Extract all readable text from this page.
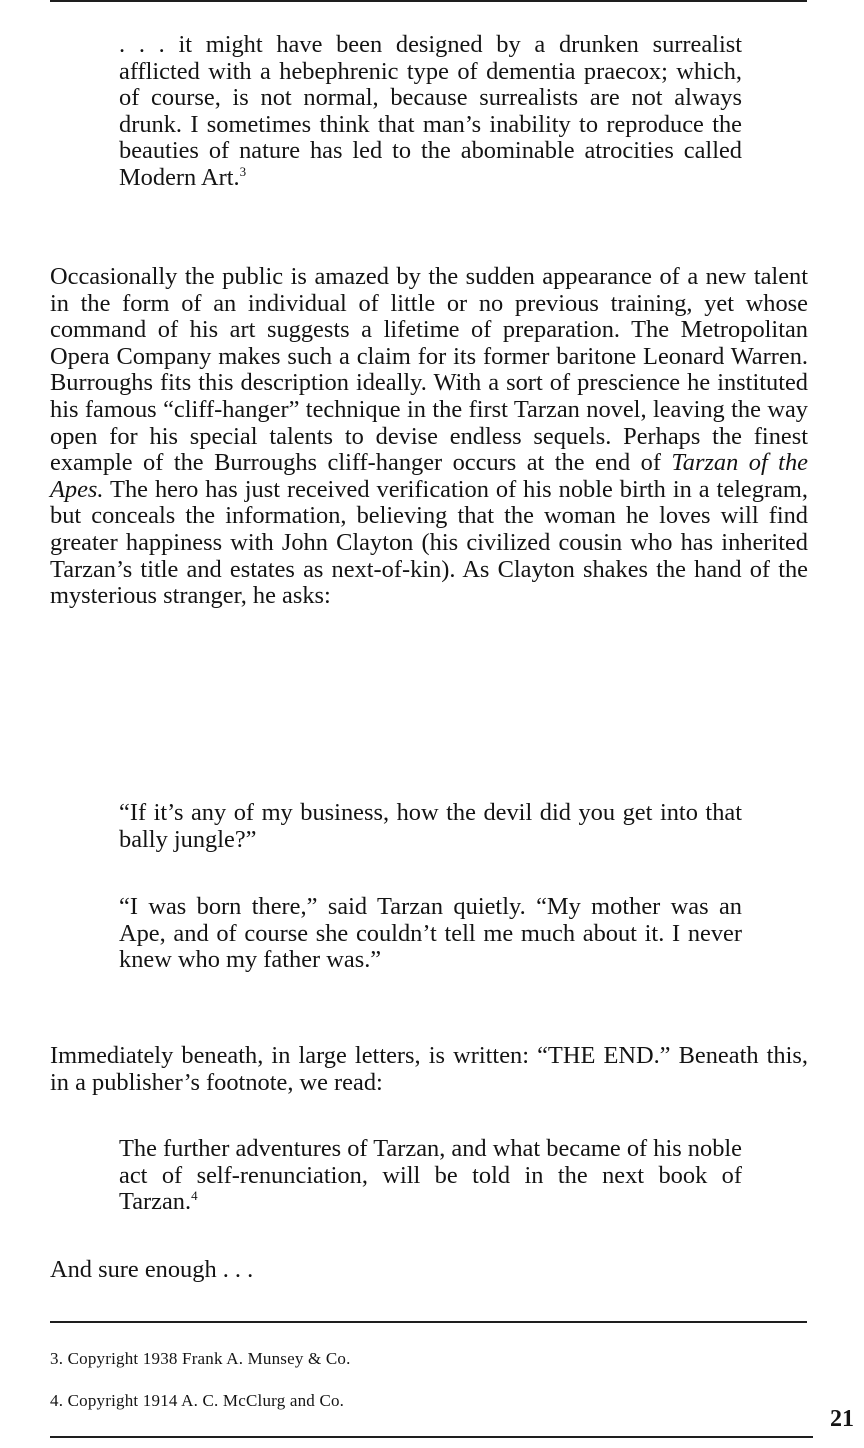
. . . it might have been designed by a drunken surrealist afflicted with a hebephrenic type of dementia praecox; which, of course, is not normal, because surrealists are not always drunk. I sometimes think that man’s inability to reproduce the beauties of nature has led to the abominable atrocities called Modern Art.$^3$

Occasionally the public is amazed by the sudden appearance of a new talent in the form of an individual of little or no previous training, yet whose command of his art suggests a lifetime of preparation. The Metropolitan Opera Company makes such a claim for its former baritone Leonard Warren. Burroughs fits this description ideally. With a sort of prescience he instituted his famous “cliff-hanger” technique in the first Tarzan novel, leaving the way open for his special talents to devise endless sequels. Perhaps the finest example of the Burroughs cliff-hanger occurs at the end of Tarzan of the Apes. The hero has just received verification of his noble birth in a telegram, but conceals the information, believing that the woman he loves will find greater happiness with John Clayton (his civilized cousin who has inherited Tarzan’s title and estates as next-of-kin). As Clayton shakes the hand of the mysterious stranger, he asks:

“If it’s any of my business, how the devil did you get into that bally jungle?”

“I was born there,” said Tarzan quietly. “My mother was an Ape, and of course she couldn’t tell me much about it. I never knew who my father was.”

Immediately beneath, in large letters, is written: “THE END.” Beneath this, in a publisher’s footnote, we read:

The further adventures of Tarzan, and what became of his noble act of self-renunciation, will be told in the next book of Tarzan.$^4$

And sure enough . . .

3. Copyright 1938 Frank A. Munsey & Co.
4. Copyright 1914 A. C. McClurg and Co.
21
